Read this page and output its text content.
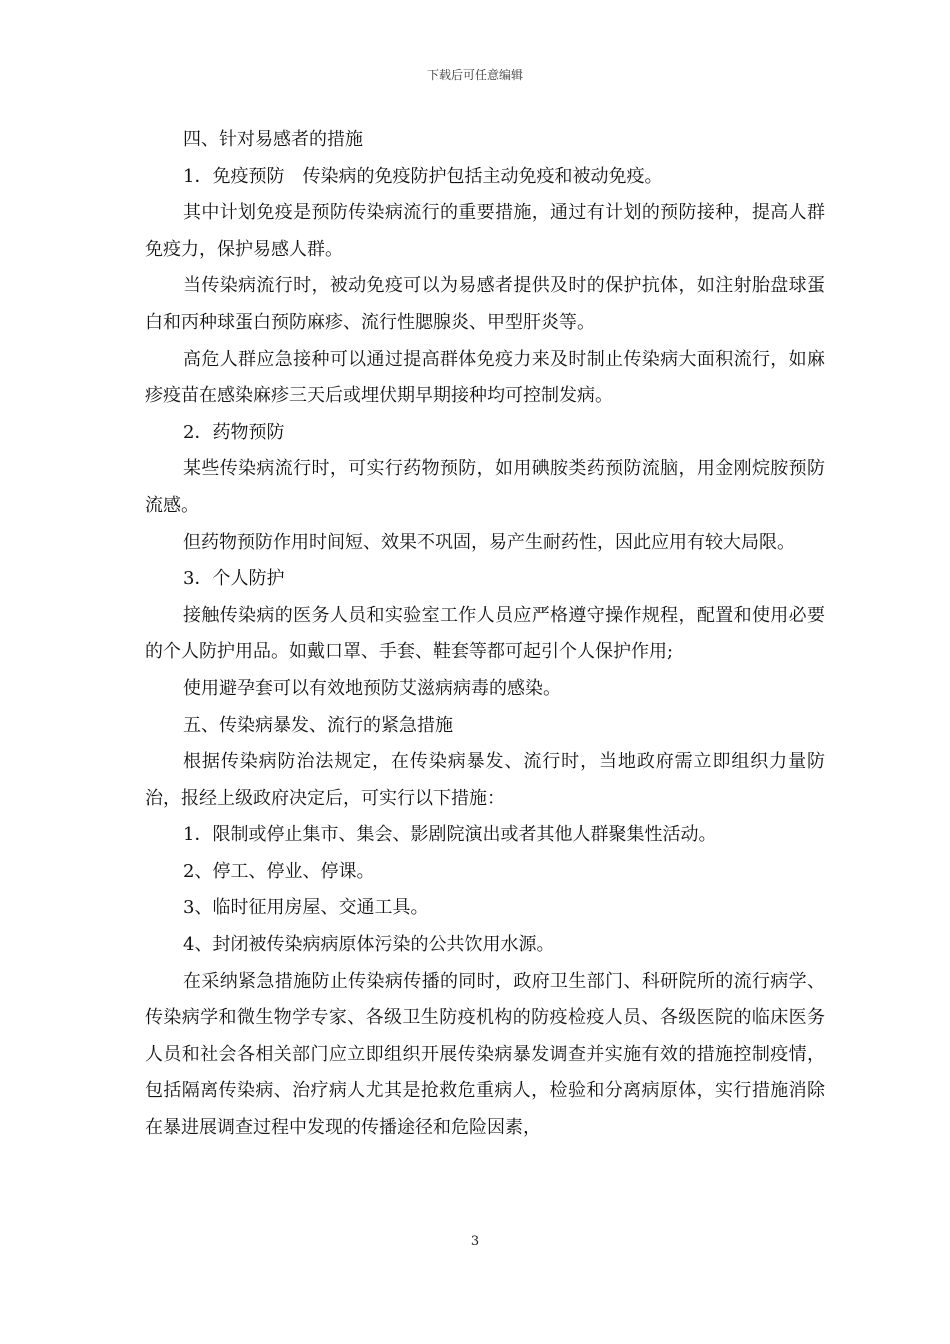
下载后可任意编辑

四、针对易感者的措施

1．免疫预防　传染病的免疫防护包括主动免疫和被动免疫。

其中计划免疫是预防传染病流行的重要措施，通过有计划的预防接种，提高人群免疫力，保护易感人群。

当传染病流行时，被动免疫可以为易感者提供及时的保护抗体，如注射胎盘球蛋白和丙种球蛋白预防麻疹、流行性腮腺炎、甲型肝炎等。

高危人群应急接种可以通过提高群体免疫力来及时制止传染病大面积流行，如麻疹疫苗在感染麻疹三天后或埋伏期早期接种均可控制发病。

2．药物预防

某些传染病流行时，可实行药物预防，如用碘胺类药预防流脑，用金刚烷胺预防流感。

但药物预防作用时间短、效果不巩固，易产生耐药性，因此应用有较大局限。

3．个人防护

接触传染病的医务人员和实验室工作人员应严格遵守操作规程，配置和使用必要的个人防护用品。如戴口罩、手套、鞋套等都可起引个人保护作用;

使用避孕套可以有效地预防艾滋病病毒的感染。

五、传染病暴发、流行的紧急措施

根据传染病防治法规定，在传染病暴发、流行时，当地政府需立即组织力量防治，报经上级政府决定后，可实行以下措施：

1．限制或停止集市、集会、影剧院演出或者其他人群聚集性活动。

2、停工、停业、停课。

3、临时征用房屋、交通工具。

4、封闭被传染病病原体污染的公共饮用水源。

在采纳紧急措施防止传染病传播的同时，政府卫生部门、科研院所的流行病学、传染病学和微生物学专家、各级卫生防疫机构的防疫检疫人员、各级医院的临床医务人员和社会各相关部门应立即组织开展传染病暴发调查并实施有效的措施控制疫情，包括隔离传染病、治疗病人尤其是抢救危重病人，检验和分离病原体，实行措施消除在暴进展调查过程中发现的传播途径和危险因素，

3
